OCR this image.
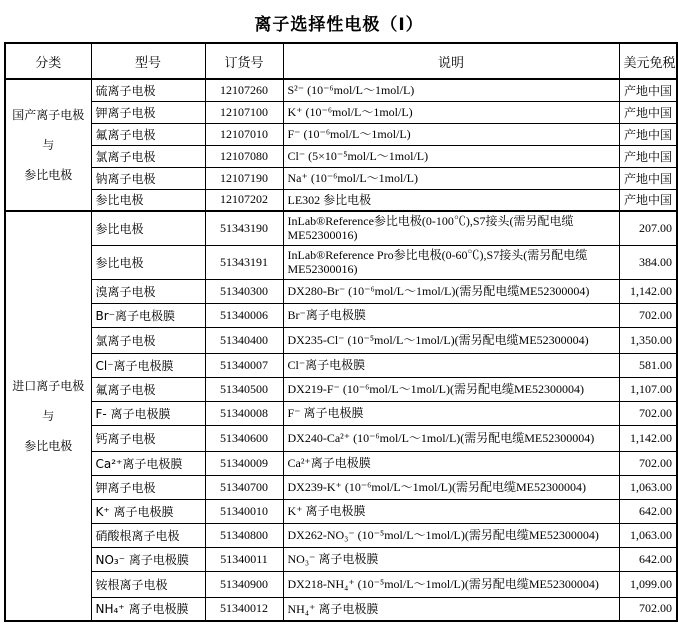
离子选择性电极（Ⅰ）
分类	型号	订货号	说明	美元免税

国产离子电极
与
参比电极	硫离子电极	12107260	S²⁻ (10⁻⁶mol/L～1mol/L)	产地中国
	钾离子电极	12107100	K⁺ (10⁻⁶mol/L～1mol/L)	产地中国
	氟离子电极	12107010	F⁻ (10⁻⁶mol/L～1mol/L)	产地中国
	氯离子电极	12107080	Cl⁻ (5×10⁻⁵mol/L～1mol/L)	产地中国
	钠离子电极	12107190	Na⁺ (10⁻⁶mol/L～1mol/L)	产地中国
	参比电极	12107202	LE302 参比电极	产地中国

进口离子电极
与
参比电极	参比电极	51343190	InLab®Reference参比电极(0-100℃),S7接头(需另配电缆ME52300016)	207.00
	参比电极	51343191	InLab®Reference Pro参比电极(0-60℃),S7接头(需另配电缆ME52300016)	384.00
	溴离子电极	51340300	DX280-Br⁻ (10⁻⁶mol/L～1mol/L)(需另配电缆ME52300004)	1,142.00
	Br⁻离子电极膜	51340006	Br⁻离子电极膜	702.00
	氯离子电极	51340400	DX235-Cl⁻ (10⁻⁵mol/L～1mol/L)(需另配电缆ME52300004)	1,350.00
	Cl⁻离子电极膜	51340007	Cl⁻离子电极膜	581.00
	氟离子电极	51340500	DX219-F⁻ (10⁻⁶mol/L～1mol/L)(需另配电缆ME52300004)	1,107.00
	F- 离子电极膜	51340008	F⁻ 离子电极膜	702.00
	钙离子电极	51340600	DX240-Ca²⁺ (10⁻⁶mol/L～1mol/L)(需另配电缆ME52300004)	1,142.00
	Ca²⁺离子电极膜	51340009	Ca²⁺离子电极膜	702.00
	钾离子电极	51340700	DX239-K⁺ (10⁻⁶mol/L～1mol/L)(需另配电缆ME52300004)	1,063.00
	K⁺ 离子电极膜	51340010	K⁺ 离子电极膜	642.00
	硝酸根离子电极	51340800	DX262-NO₃⁻ (10⁻⁵mol/L～1mol/L)(需另配电缆ME52300004)	1,063.00
	NO₃⁻ 离子电极膜	51340011	NO₃⁻ 离子电极膜	642.00
	铵根离子电极	51340900	DX218-NH₄⁺ (10⁻⁵mol/L～1mol/L)(需另配电缆ME52300004)	1,099.00
	NH₄⁺ 离子电极膜	51340012	NH₄⁺ 离子电极膜	702.00
